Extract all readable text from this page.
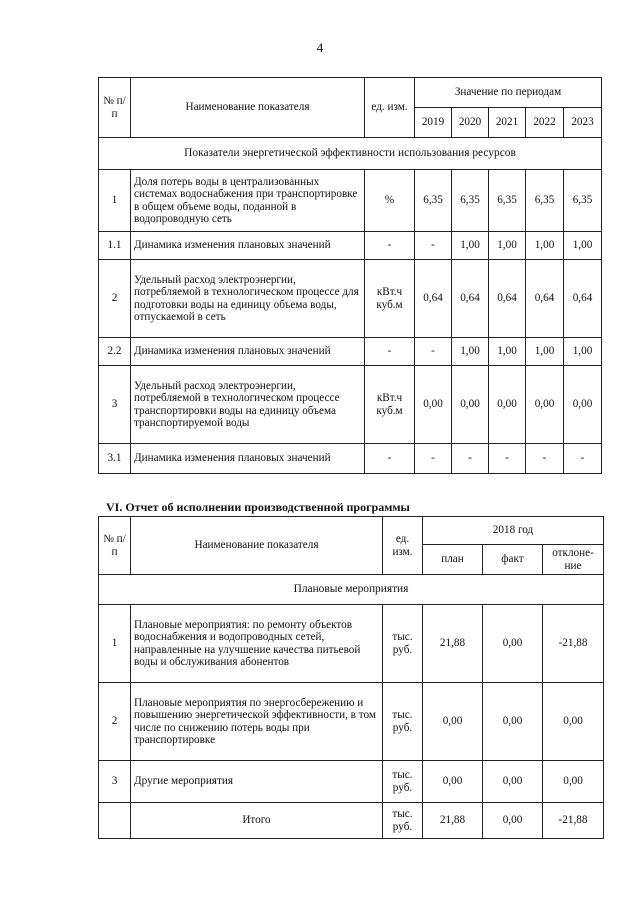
4
№ п/п	Наименование показателя	ед. изм.	Значение по периодам				
			2019	2020	2021	2022	2023
Показатели энергетической эффективности использования ресурсов							
1	Доля потерь воды в централизованных системах водоснабжения при транспортировке в общем объеме воды, поданной в водопроводную сеть	%	6,35	6,35	6,35	6,35	6,35
1.1	Динамика изменения плановых значений	-	-	1,00	1,00	1,00	1,00
2	Удельный расход электроэнергии, потребляемой в технологическом процессе для подготовки воды на единицу объема воды, отпускаемой в сеть	кВт.ч куб.м	0,64	0,64	0,64	0,64	0,64
2.2	Динамика изменения плановых значений	-	-	1,00	1,00	1,00	1,00
3	Удельный расход электроэнергии, потребляемой в технологическом процессе транспортировки воды на единицу объема транспортируемой воды	кВт.ч куб.м	0,00	0,00	0,00	0,00	0,00
3.1	Динамика изменения плановых значений	-	-	-	-	-	-
VI. Отчет об исполнении производственной программы
№ п/п	Наименование показателя	ед. изм.	2018 год		
			план	факт	отклоне-ние
Плановые мероприятия					
1	Плановые мероприятия: по ремонту объектов водоснабжения и водопроводных сетей, направленные на улучшение качества питьевой воды и обслуживания абонентов	тыс. руб.	21,88	0,00	-21,88
2	Плановые мероприятия по энергосбережению и повышению энергетической эффективности, в том числе по снижению потерь воды при транспортировке	тыс. руб.	0,00	0,00	0,00
3	Другие мероприятия	тыс. руб.	0,00	0,00	0,00
	Итого	тыс. руб.	21,88	0,00	-21,88
